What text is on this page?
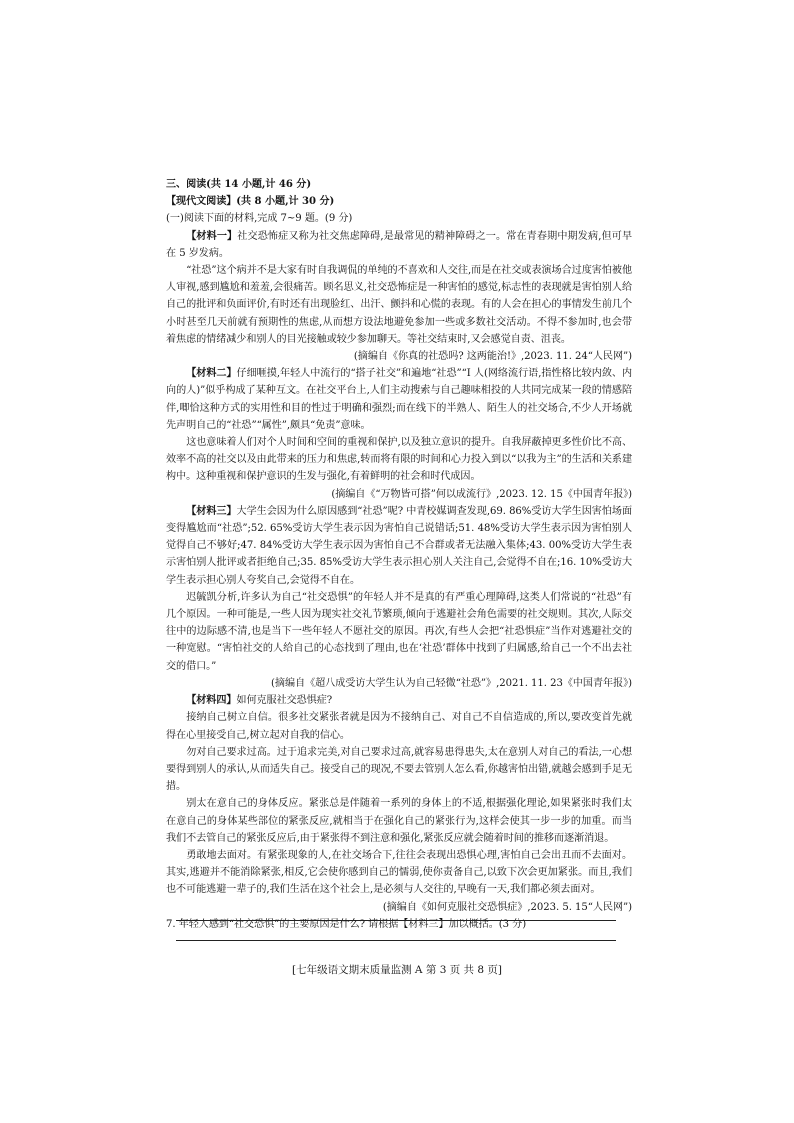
三、阅读(共 14 小题,计 46 分)

【现代文阅读】(共 8 小题,计 30 分)

(一)阅读下面的材料,完成 7~9 题。(9 分)

【材料一】社交恐怖症又称为社交焦虑障碍,是最常见的精神障碍之一。常在青春期中期发病,但可早在 5 岁发病。

“社恐”这个病并不是大家有时自我调侃的单纯的不喜欢和人交往,而是在社交或表演场合过度害怕被他人审视,感到尴尬和羞羞,会很痛苦。顾名思义,社交恐怖症是一种害怕的感觉,标志性的表现就是害怕别人给自己的批评和负面评价,有时还有出现脸红、出汗、颤抖和心慌的表现。有的人会在担心的事情发生前几个小时甚至几天前就有预期性的焦虑,从而想方设法地避免参加一些或多数社交活动。不得不参加时,也会带着焦虑的情绪减少和别人的目光接触或较少参加聊天。等社交结束时,又会感觉自责、沮丧。

(摘编自《你真的社恐吗? 这两能治!》,2023. 11. 24“人民网”)

【材料二】仔细咂摸,年轻人中流行的“搭子社交”和遍地“社恐”“I 人(网络流行语,指性格比较内敛、内向的人)”似乎构成了某种互文。在社交平台上,人们主动搜索与自己趣味相投的人共同完成某一段的情感陪伴,唧恰这种方式的实用性和目的性过于明确和强烈;而在线下的半熟人、陌生人的社交场合,不少人开场就先声明自己的“社恐”“属性”,颇具“免责”意味。

这也意味着人们对个人时间和空间的重视和保护,以及独立意识的提升。自我屏蔽掉更多性价比不高、效率不高的社交以及由此带来的压力和焦虑,转而将有限的时间和心力投入到以“以我为主”的生活和关系建构中。这种重视和保护意识的生发与强化,有着鲜明的社会和时代成因。

(摘编自《“万物皆可搭”何以成流行》,2023. 12. 15《中国青年报》)

【材料三】大学生会因为什么原因感到“社恐”呢? 中青校媒调查发现,69. 86%受访大学生因害怕场面变得尴尬而“社恐”;52. 65%受访大学生表示因为害怕自己说错话;51. 48%受访大学生表示因为害怕别人觉得自己不够好;47. 84%受访大学生表示因为害怕自己不合群或者无法融入集体;43. 00%受访大学生表示害怕别人批评或者拒绝自己;35. 85%受访大学生表示担心别人关注自己,会觉得不自在;16. 10%受访大学生表示担心别人夸奖自己,会觉得不自在。

迟毓凯分析,许多认为自己“社交恐惧”的年轻人并不是真的有严重心理障碍,这类人们常说的“社恐”有几个原因。一种可能是,一些人因为现实社交礼节繁琐,倾向于逃避社会角色需要的社交规则。其次,人际交往中的边际感不清,也是当下一些年轻人不愿社交的原因。再次,有些人会把“社恐惧症”当作对逃避社交的一种宽慰。“害怕社交的人给自己的心态找到了理由,也在‘社恐’群体中找到了归属感,给自己一个不出去社交的借口。”

(摘编自《超八成受访大学生认为自己轻微“社恐”》,2021. 11. 23《中国青年报》)

【材料四】如何克服社交恐惧症?

接纳自己树立自信。很多社交紧张者就是因为不接纳自己、对自己不自信造成的,所以,要改变首先就得在心里接受自己,树立起对自我的信心。

勿对自己要求过高。过于追求完美,对自己要求过高,就容易患得患失,太在意别人对自己的看法,一心想要得到别人的承认,从而适失自己。接受自己的现况,不要去管别人怎么看,你越害怕出错,就越会感到手足无措。

别太在意自己的身体反应。紧张总是伴随着一系列的身体上的不适,根据强化理论,如果紧张时我们太在意自己的身体某些部位的紧张反应,就相当于在强化自己的紧张行为,这样会使其一步一步的加重。而当我们不去管自己的紧张反应后,由于紧张得不到注意和强化,紧张反应就会随着时间的推移而逐渐消退。

勇敢地去面对。有紧张现象的人,在社交场合下,往往会表现出恐惧心理,害怕自己会出丑而不去面对。其实,逃避并不能消除紧张,相反,它会使你感到自己的懦弱,使你责备自己,以致下次会更加紧张。而且,我们也不可能逃避一辈子的,我们生活在这个社会上,是必须与人交往的,早晚有一天,我们都必须去面对。

(摘编自《如何克服社交恐惧症》,2023. 5. 15“人民网”)

7. 年轻人感到“社交恐惧”的主要原因是什么? 请根据【材料三】加以概括。(3 分)

[七年级语文期末质量监测 A 第 3 页 共 8 页]
